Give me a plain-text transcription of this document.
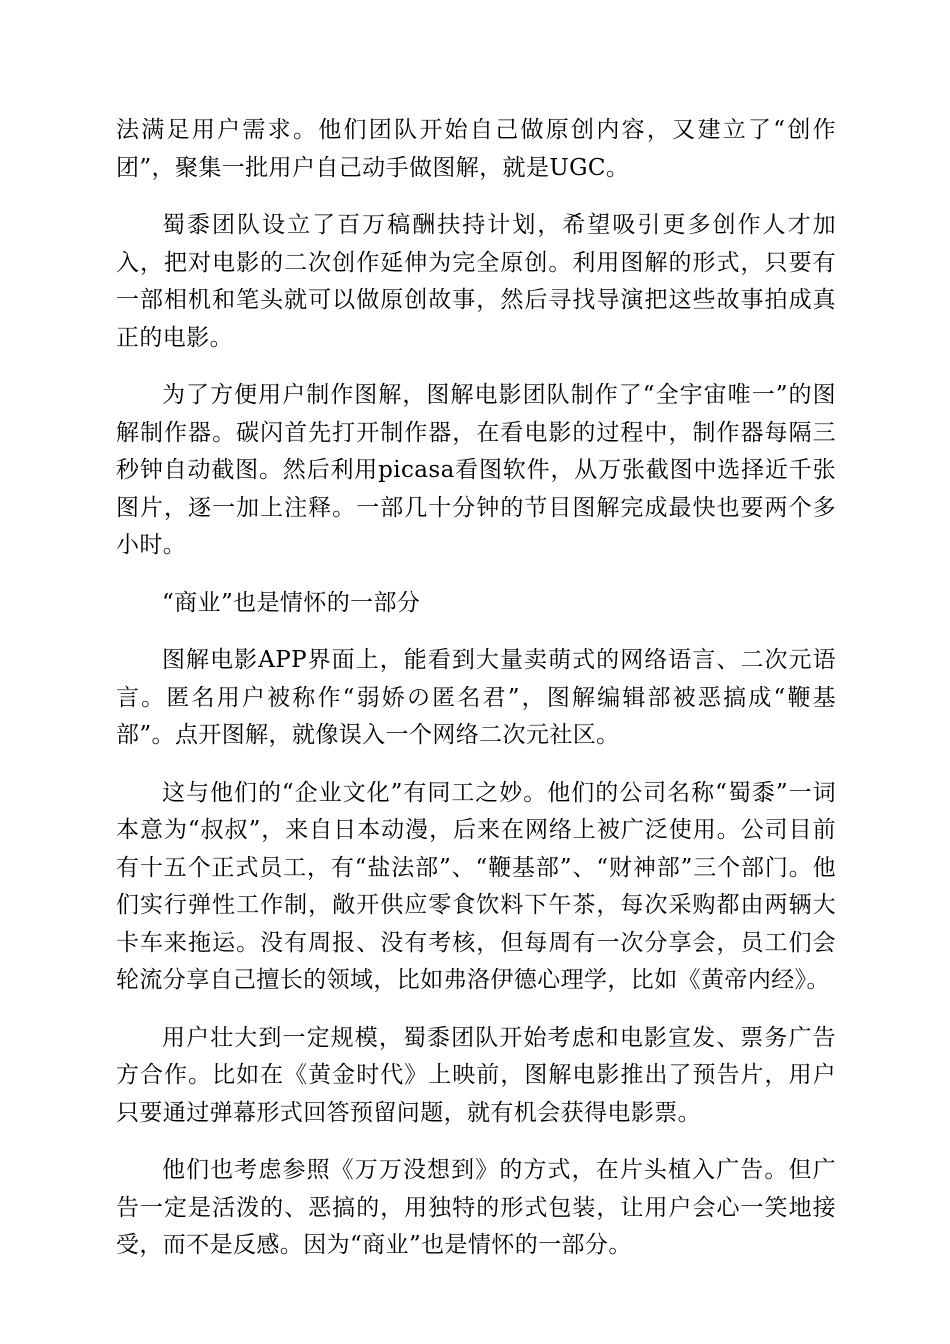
法满足用户需求。他们团队开始自己做原创内容，又建立了“创作团”，聚集一批用户自己动手做图解，就是UGC。

蜀黍团队设立了百万稿酬扶持计划，希望吸引更多创作人才加入，把对电影的二次创作延伸为完全原创。利用图解的形式，只要有一部相机和笔头就可以做原创故事，然后寻找导演把这些故事拍成真正的电影。

为了方便用户制作图解，图解电影团队制作了“全宇宙唯一”的图解制作器。碳闪首先打开制作器，在看电影的过程中，制作器每隔三秒钟自动截图。然后利用picasa看图软件，从万张截图中选择近千张图片，逐一加上注释。一部几十分钟的节目图解完成最快也要两个多小时。

“商业”也是情怀的一部分

图解电影APP界面上，能看到大量卖萌式的网络语言、二次元语言。匿名用户被称作“弱娇の匿名君”，图解编辑部被恶搞成“鞭基部”。点开图解，就像误入一个网络二次元社区。

这与他们的“企业文化”有同工之妙。他们的公司名称“蜀黍”一词本意为“叔叔”，来自日本动漫，后来在网络上被广泛使用。公司目前有十五个正式员工，有“盐法部”、“鞭基部”、“财神部”三个部门。他们实行弹性工作制，敞开供应零食饮料下午茶，每次采购都由两辆大卡车来拖运。没有周报、没有考核，但每周有一次分享会，员工们会轮流分享自己擅长的领域，比如弗洛伊德心理学，比如《黄帝内经》。

用户壮大到一定规模，蜀黍团队开始考虑和电影宣发、票务广告方合作。比如在《黄金时代》上映前，图解电影推出了预告片，用户只要通过弹幕形式回答预留问题，就有机会获得电影票。

他们也考虑参照《万万没想到》的方式，在片头植入广告。但广告一定是活泼的、恶搞的，用独特的形式包装，让用户会心一笑地接受，而不是反感。因为“商业”也是情怀的一部分。
